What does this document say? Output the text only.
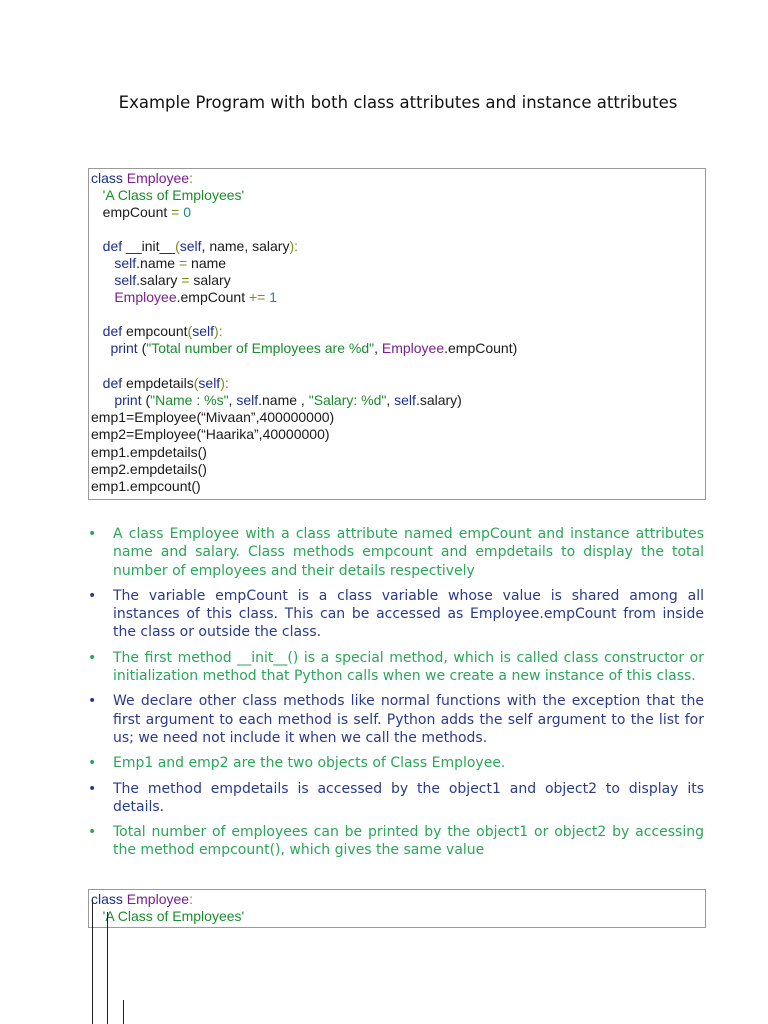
Example Program with both class attributes and instance attributes
class Employee:
'A Class of Employees'
empCount = 0
def __init__(self, name, salary):
self.name = name
self.salary = salary
Employee.empCount += 1
def empcount(self):
print ("Total number of Employees are %d", Employee.empCount)
def empdetails(self):
print ("Name : %s", self.name , "Salary: %d", self.salary)
emp1=Employee(“Mivaan”,400000000)
emp2=Employee(“Haarika”,40000000)
emp1.empdetails()
emp2.empdetails()
emp1.empcount()
• A class Employee with a class attribute named empCount and instance attributes name and salary. Class methods empcount and empdetails to display the total number of employees and their details respectively
• The variable empCount is a class variable whose value is shared among all instances of this class. This can be accessed as Employee.empCount from inside the class or outside the class.
• The first method __init__() is a special method, which is called class constructor or initialization method that Python calls when we create a new instance of this class.
• We declare other class methods like normal functions with the exception that the first argument to each method is self. Python adds the self argument to the list for us; we need not include it when we call the methods.
• Emp1 and emp2 are the two objects of Class Employee.
• The method empdetails is accessed by the object1 and object2 to display its details.
• Total number of employees can be printed by the object1 or object2 by accessing the method empcount(), which gives the same value
class Employee:
'A Class of Employees'
